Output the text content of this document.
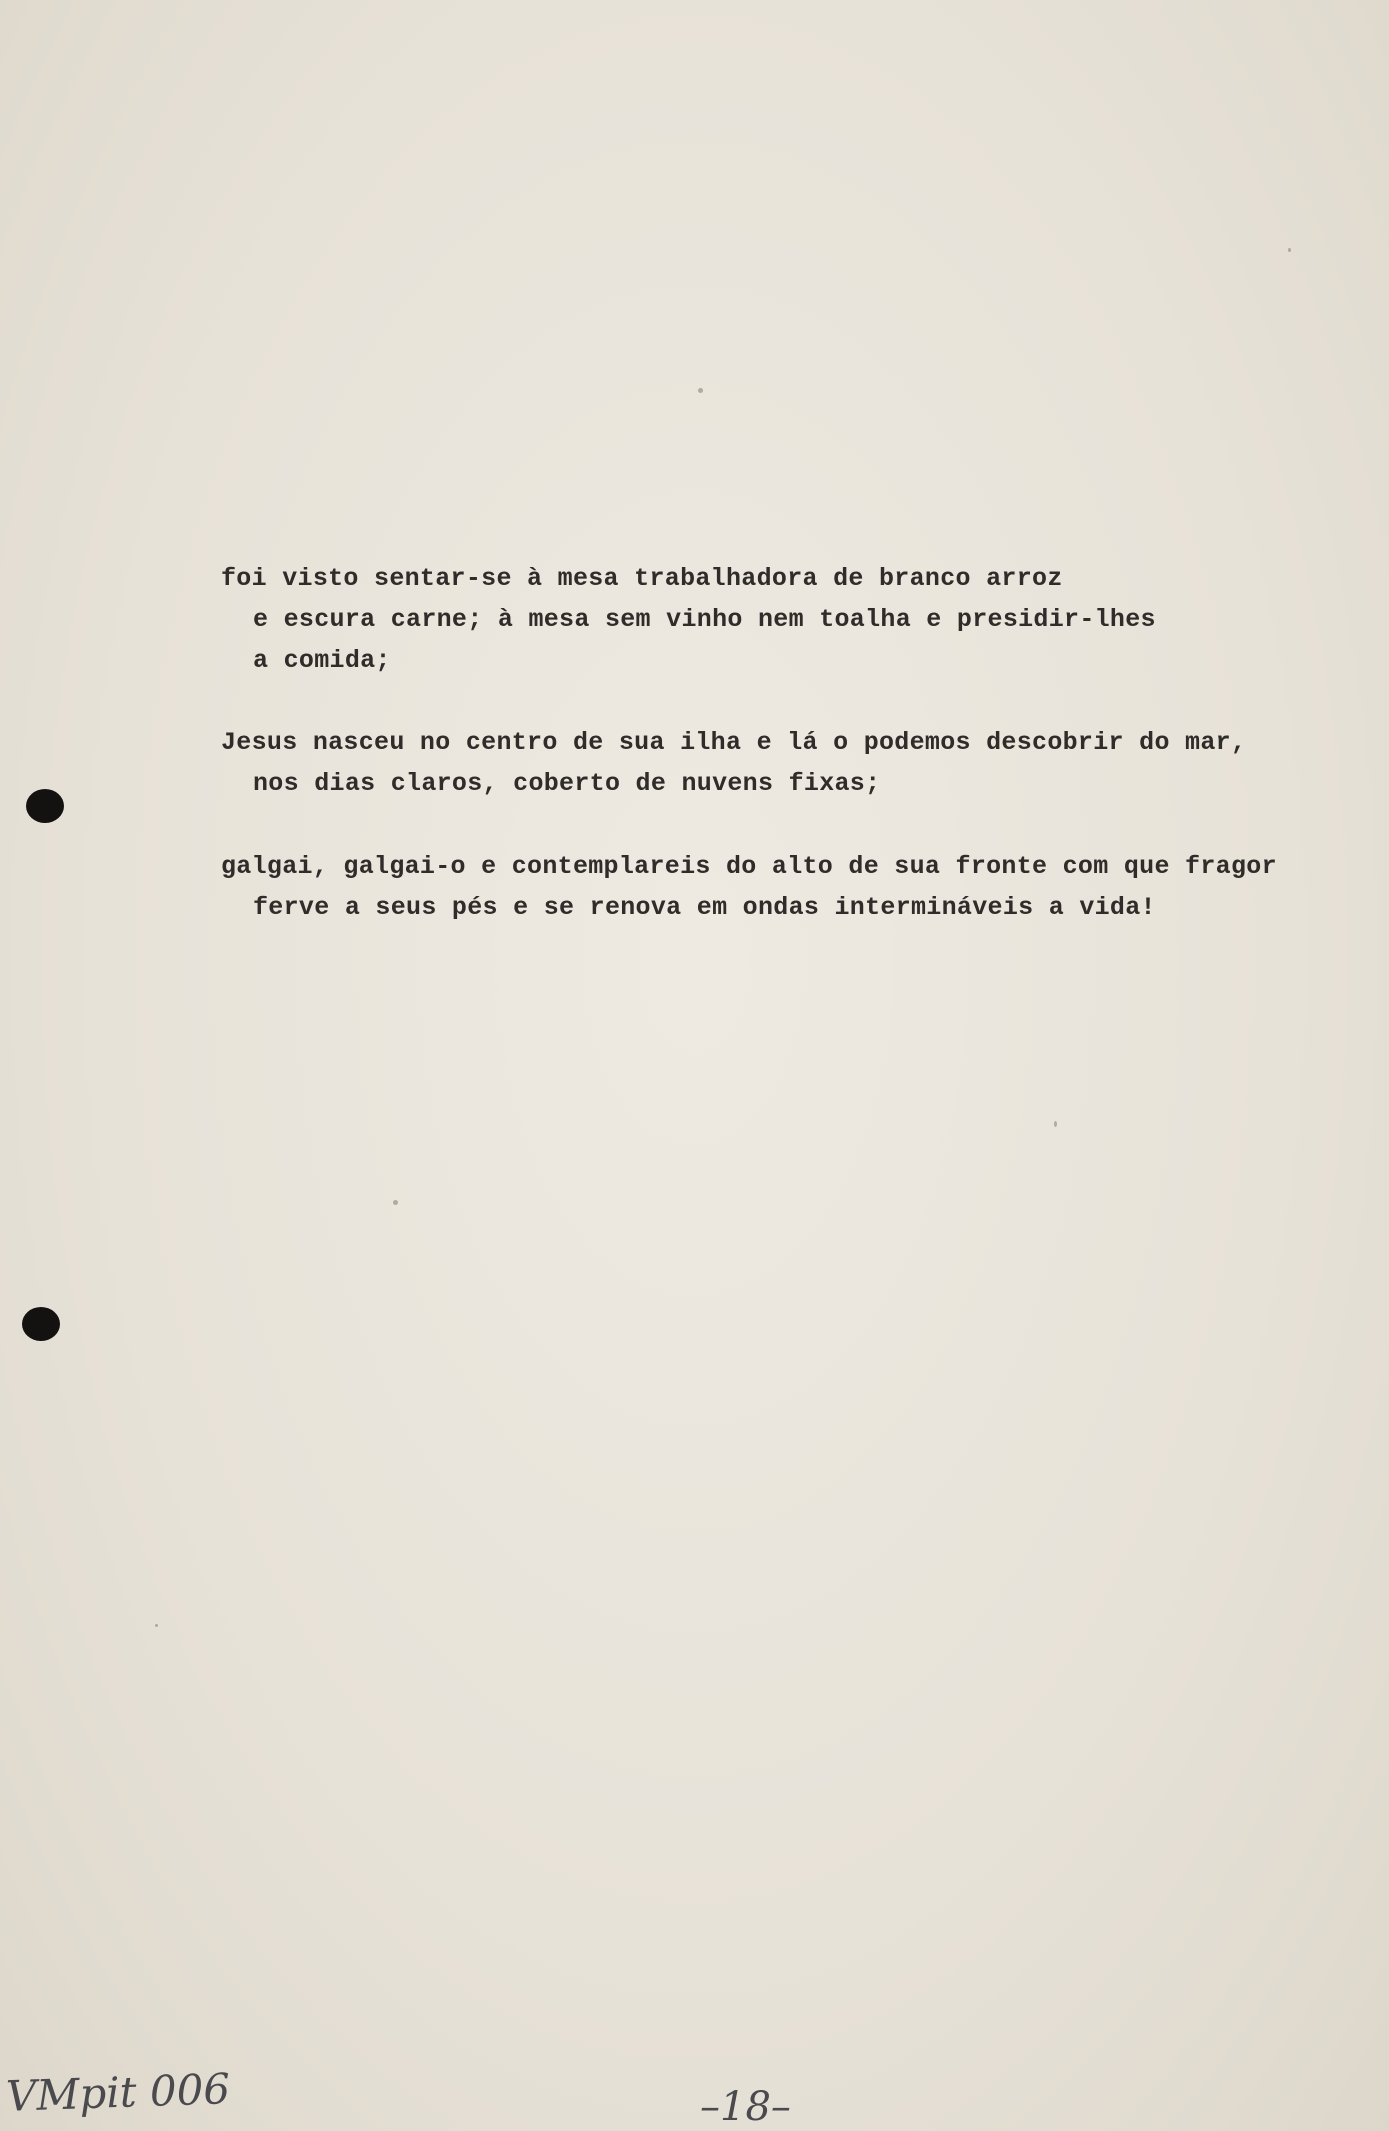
foi visto sentar-se à mesa trabalhadora de branco arroz
e escura carne; à mesa sem vinho nem toalha e presidir-lhes
a comida;

Jesus nasceu no centro de sua ilha e lá o podemos descobrir do mar,
nos dias claros, coberto de nuvens fixas;

galgai, galgai-o e contemplareis do alto de sua fronte com que fragor
ferve a seus pés e se renova em ondas intermináveis a vida!

VMpit 006	–18–
